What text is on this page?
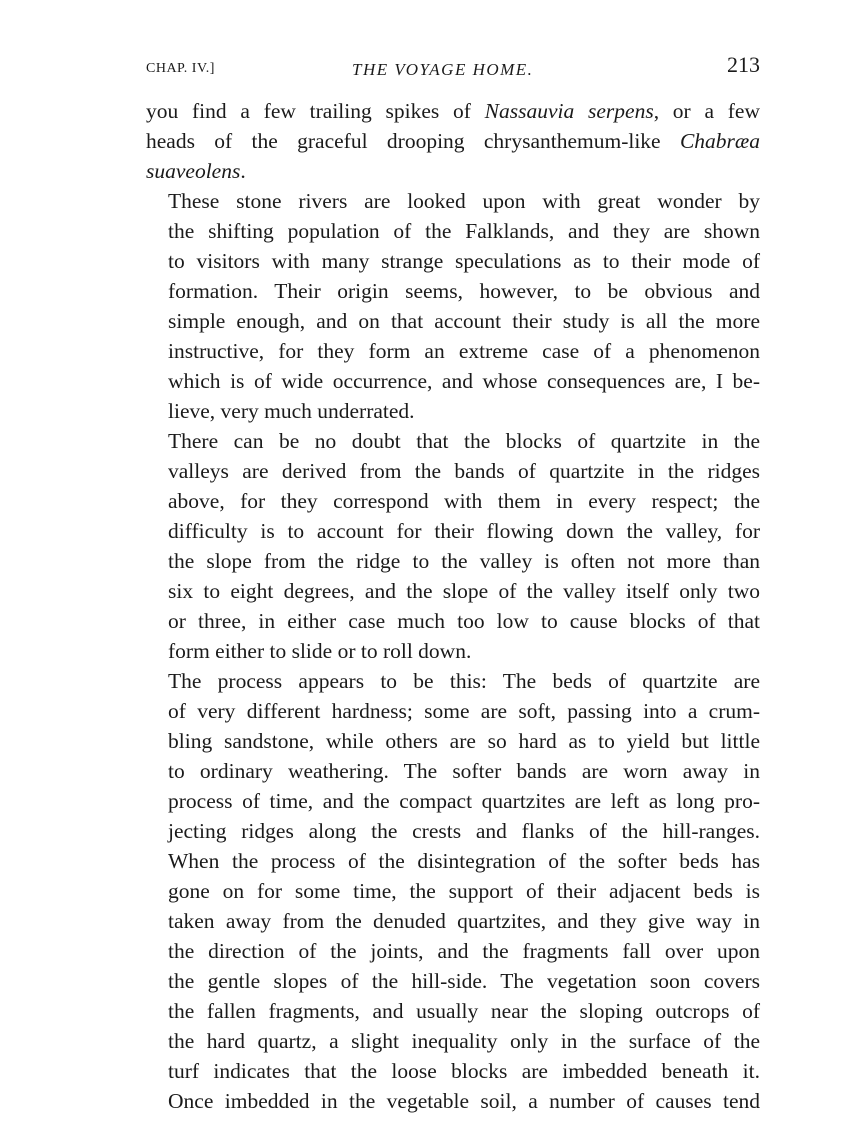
CHAP. IV.]	THE VOYAGE HOME.	213

you find a few trailing spikes of Nassauvia serpens, or a few
heads of the graceful drooping chrysanthemum-like Chabræa
suaveolens.

These stone rivers are looked upon with great wonder by
the shifting population of the Falklands, and they are shown
to visitors with many strange speculations as to their mode of
formation. Their origin seems, however, to be obvious and
simple enough, and on that account their study is all the more
instructive, for they form an extreme case of a phenomenon
which is of wide occurrence, and whose consequences are, I be-
lieve, very much underrated.

There can be no doubt that the blocks of quartzite in the
valleys are derived from the bands of quartzite in the ridges
above, for they correspond with them in every respect; the
difficulty is to account for their flowing down the valley, for
the slope from the ridge to the valley is often not more than
six to eight degrees, and the slope of the valley itself only two
or three, in either case much too low to cause blocks of that
form either to slide or to roll down.

The process appears to be this: The beds of quartzite are
of very different hardness; some are soft, passing into a crum-
bling sandstone, while others are so hard as to yield but little
to ordinary weathering. The softer bands are worn away in
process of time, and the compact quartzites are left as long pro-
jecting ridges along the crests and flanks of the hill-ranges.
When the process of the disintegration of the softer beds has
gone on for some time, the support of their adjacent beds is
taken away from the denuded quartzites, and they give way in
the direction of the joints, and the fragments fall over upon
the gentle slopes of the hill-side. The vegetation soon covers
the fallen fragments, and usually near the sloping outcrops of
the hard quartz, a slight inequality only in the surface of the
turf indicates that the loose blocks are imbedded beneath it.
Once imbedded in the vegetable soil, a number of causes tend
